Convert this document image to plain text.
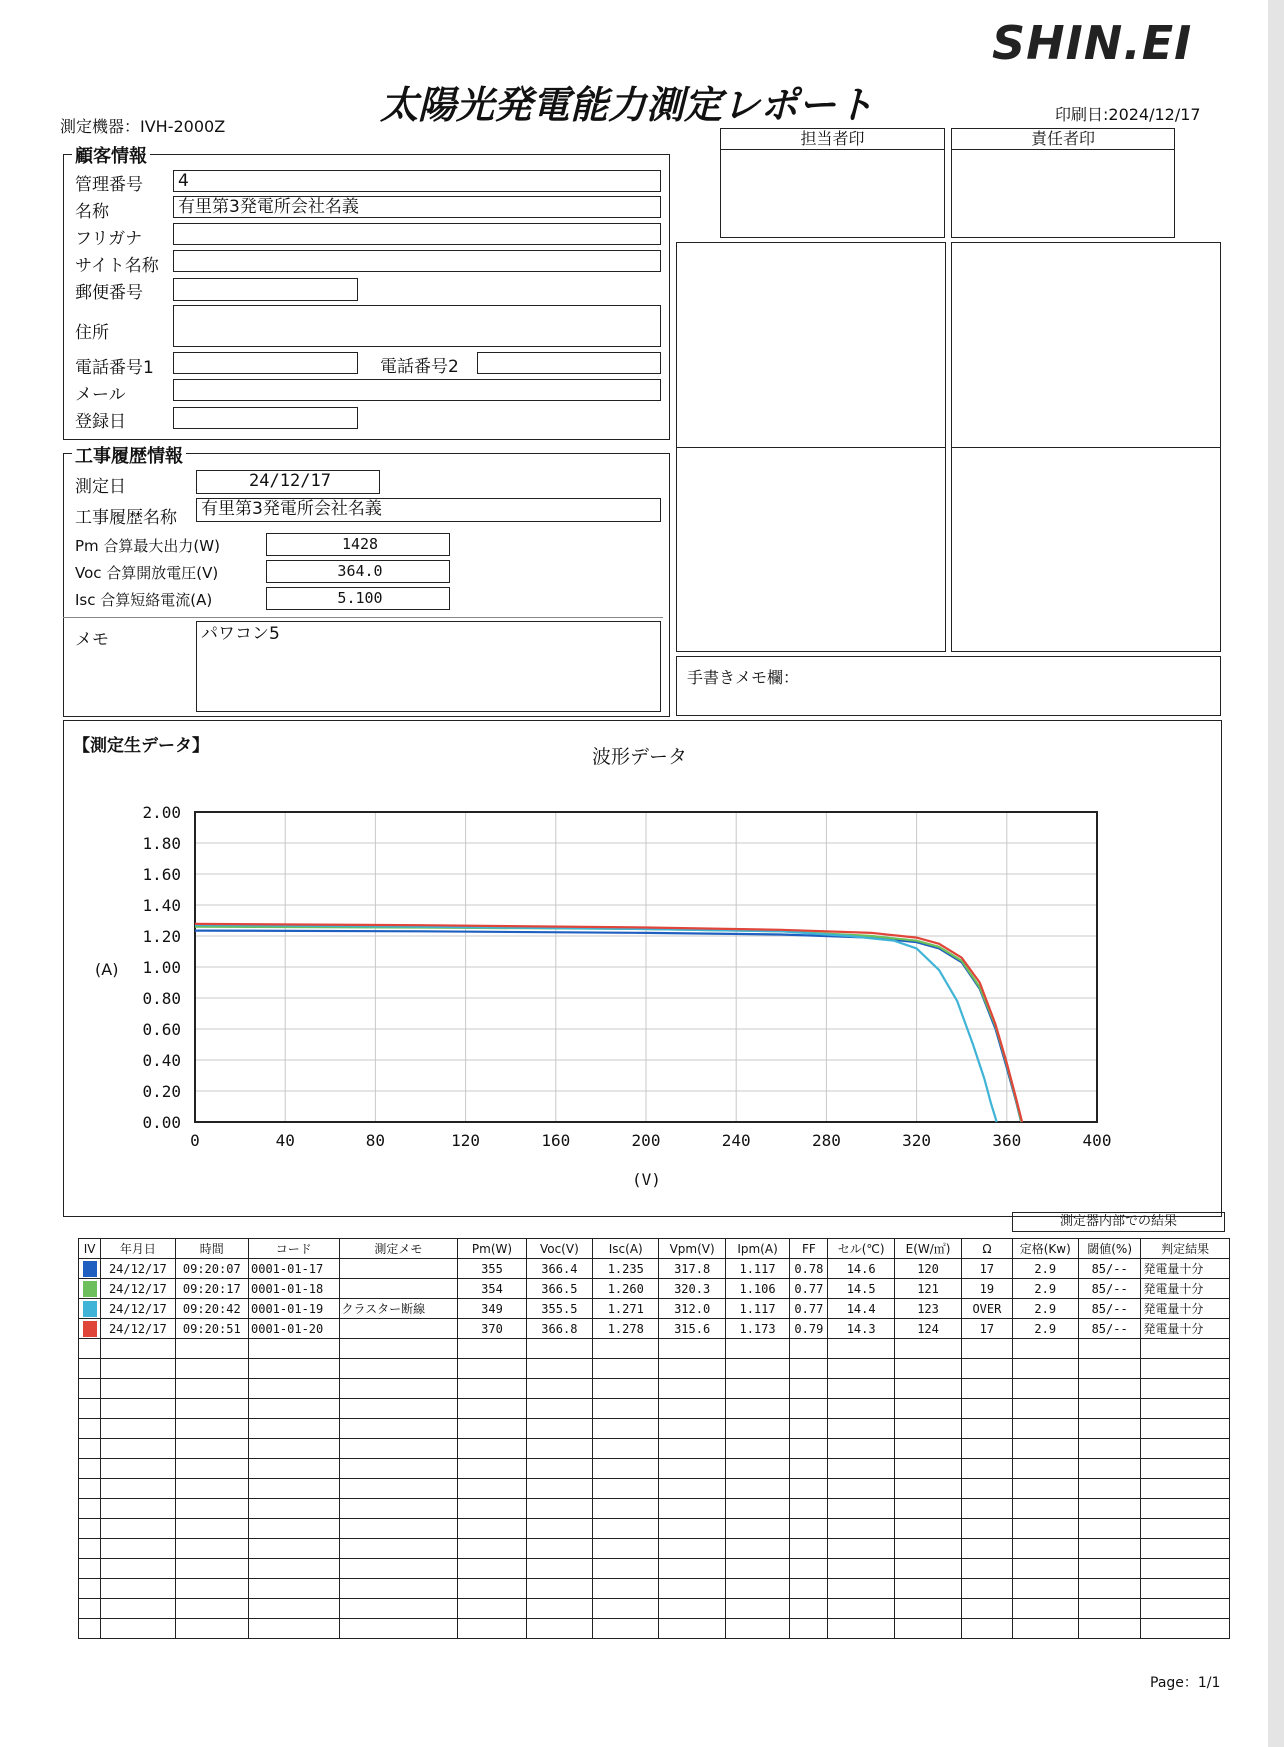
SHIN.EI
太陽光発電能力測定レポート
測定機器：IVH-2000Z
印刷日:2024/12/17
担当者印	責任者印
手書きメモ欄：
顧客情報
管理番号 4
名称	有里第3発電所会社名義
フリガナ
サイト名称
郵便番号
住所
電話番号1	電話番号2
メール
登録日
工事履歴情報
測定日	24/12/17
工事履歴名称 有里第3発電所会社名義
Pm 合算最大出力(W)	1428
Voc 合算開放電圧(V)	364.0
Isc 合算短絡電流(A)	5.100
メモ	パワコン5
【測定生データ】	波形データ
(A)
(V)
0	40	80	120	160	200	240	280	320	360	400
0.00
0.20
0.40
0.60
0.80
1.00
1.20
1.40
1.60
1.80
2.00
測定器内部での結果
IV	年月日	時間	コード	測定メモ	Pm(W)	Voc(V)	Isc(A)	Vpm(V)	Ipm(A)	FF	セル(℃)	E(W/㎡)	Ω	定格(Kw)	閾値(%)	判定結果
	24/12/17	09:20:07	0001-01-17		355	366.4	1.235	317.8	1.117	0.78	14.6	120	17	2.9	85/--	発電量十分
	24/12/17	09:20:17	0001-01-18		354	366.5	1.260	320.3	1.106	0.77	14.5	121	19	2.9	85/--	発電量十分
	24/12/17	09:20:42	0001-01-19	クラスター断線	349	355.5	1.271	312.0	1.117	0.77	14.4	123	OVER	2.9	85/--	発電量十分
	24/12/17	09:20:51	0001-01-20		370	366.8	1.278	315.6	1.173	0.79	14.3	124	17	2.9	85/--	発電量十分

Page：1/1
